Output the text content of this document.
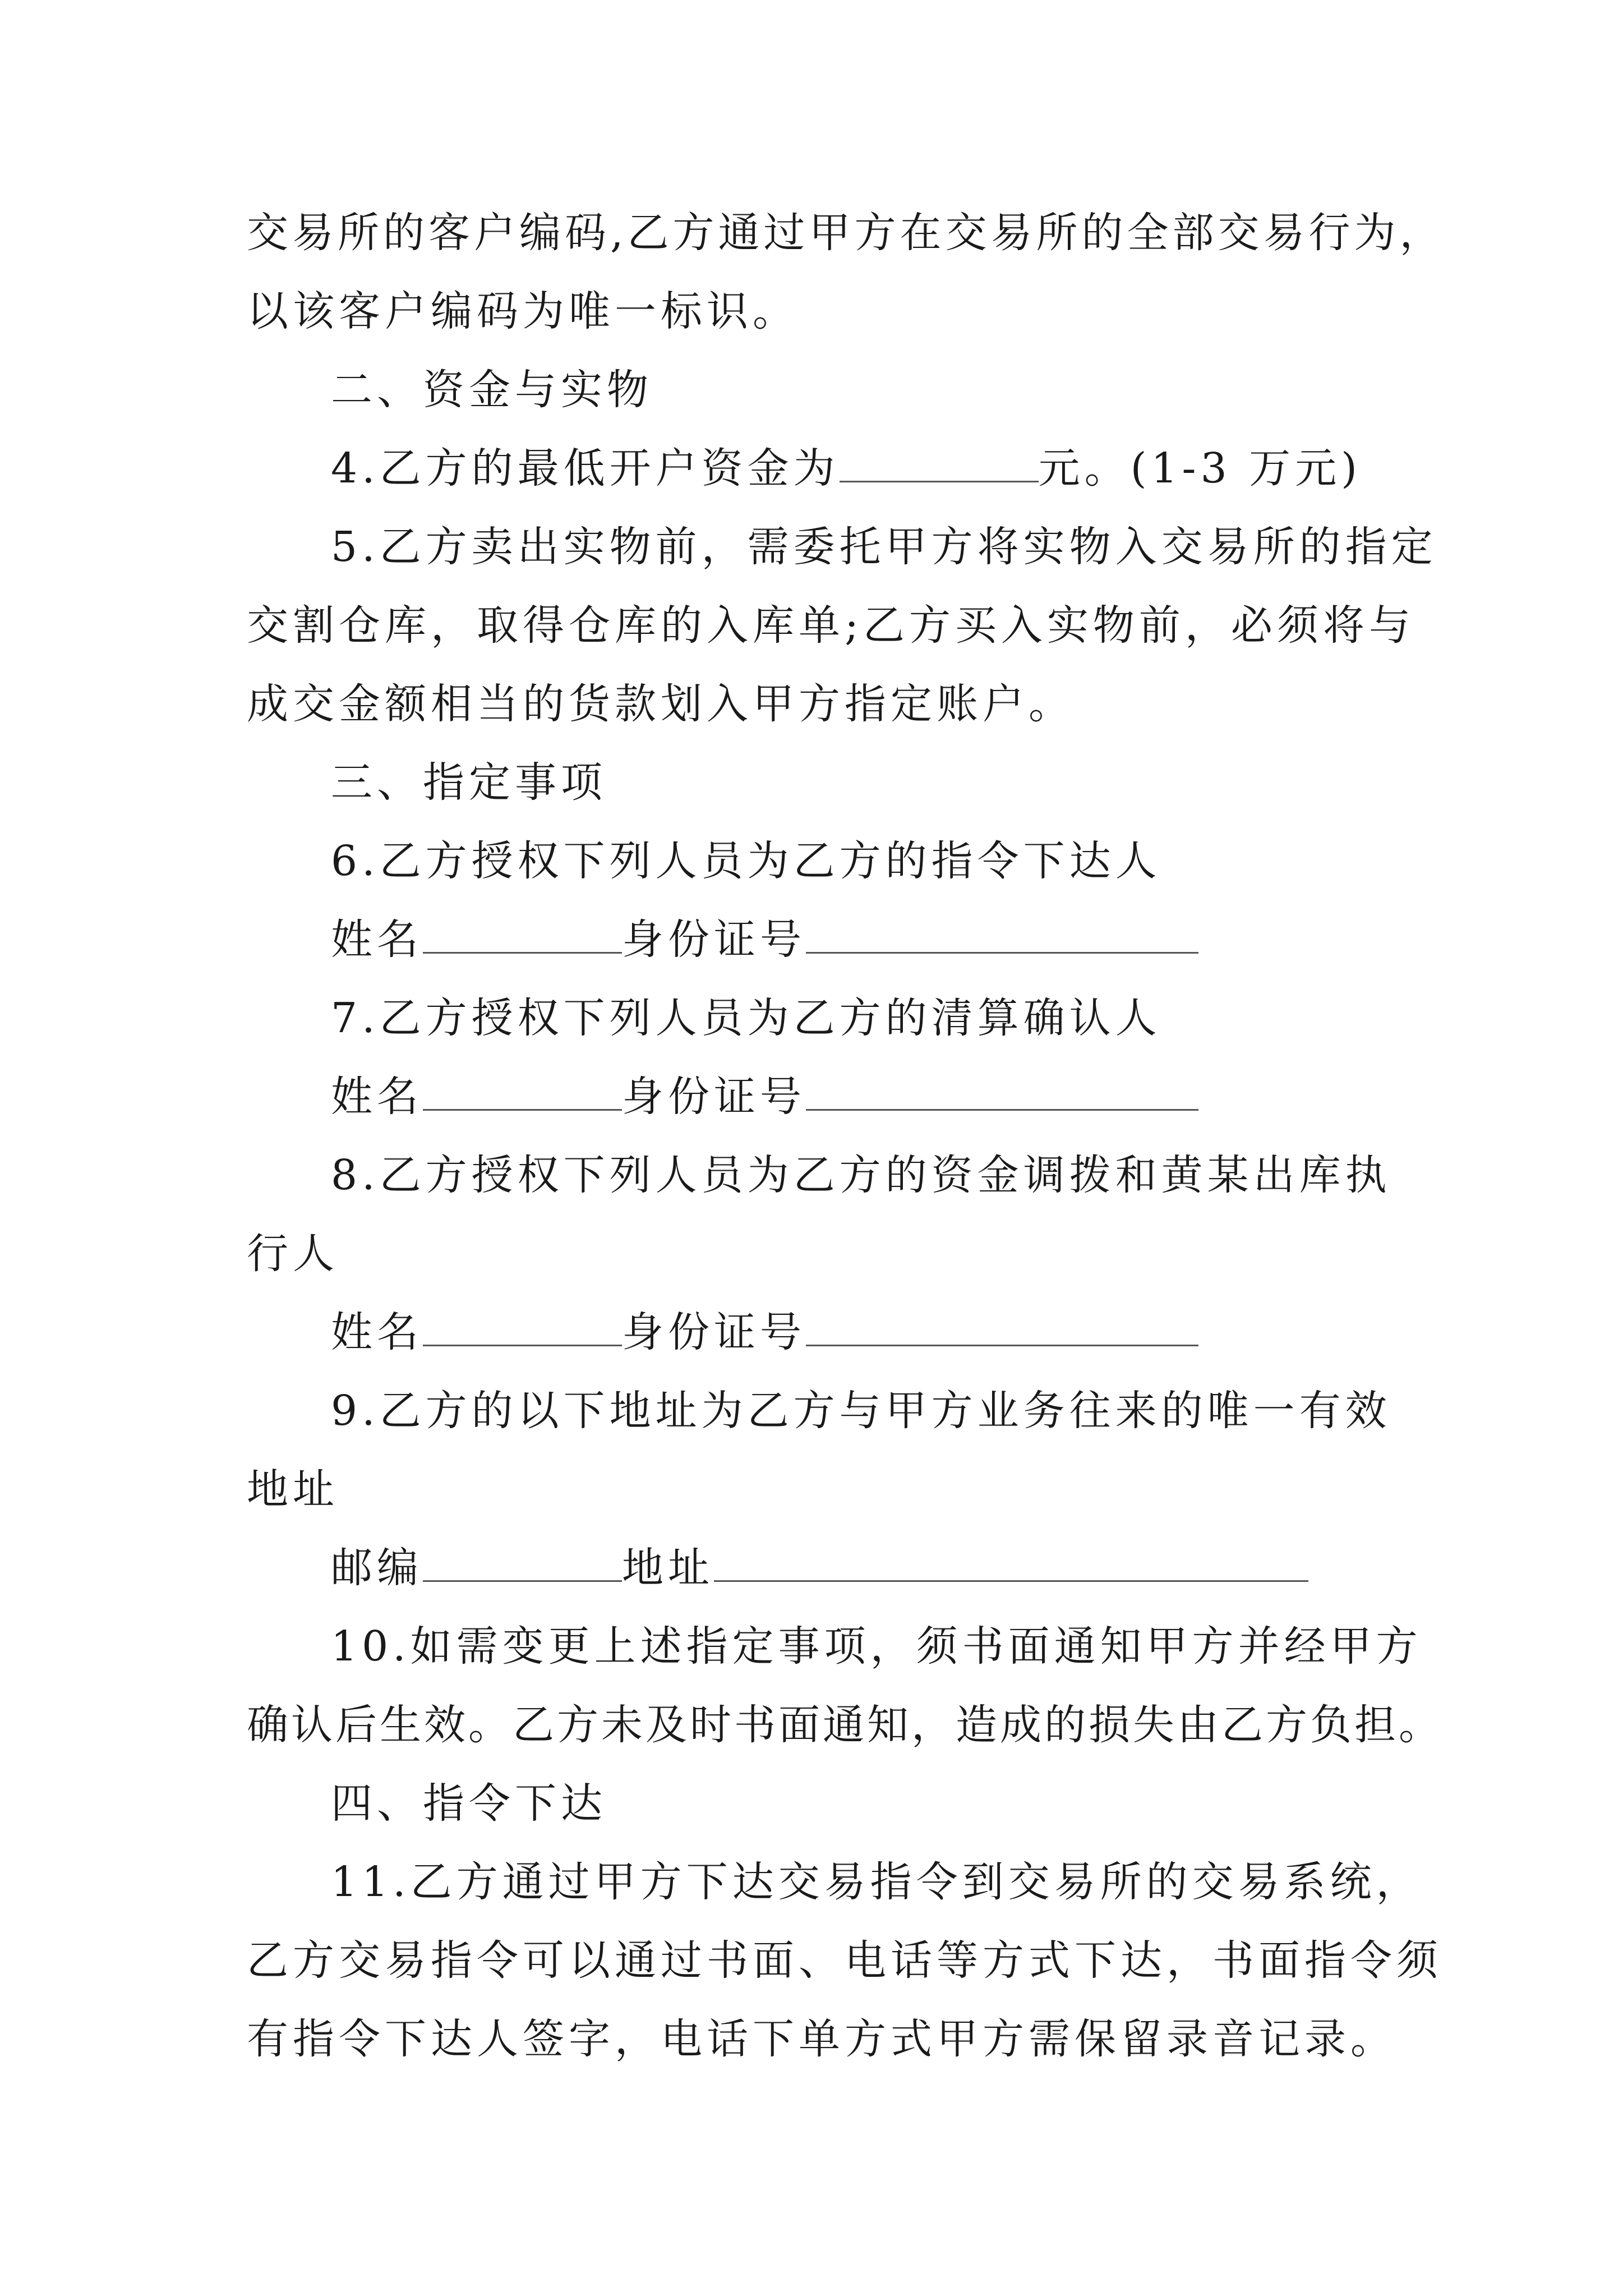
交易所的客户编码,乙方通过甲方在交易所的全部交易行为，
以该客户编码为唯一标识。
二、资金与实物
4.乙方的最低开户资金为	元。(1-3 万元)
5.乙方卖出实物前，需委托甲方将实物入交易所的指定
交割仓库，取得仓库的入库单;乙方买入实物前，必须将与
成交金额相当的货款划入甲方指定账户。
三、指定事项
6.乙方授权下列人员为乙方的指令下达人
姓名	身份证号
7.乙方授权下列人员为乙方的清算确认人
姓名	身份证号
8.乙方授权下列人员为乙方的资金调拨和黄某出库执
行人
姓名	身份证号
9.乙方的以下地址为乙方与甲方业务往来的唯一有效
地址
邮编	地址
10.如需变更上述指定事项，须书面通知甲方并经甲方
确认后生效。乙方未及时书面通知，造成的损失由乙方负担。
四、指令下达
11.乙方通过甲方下达交易指令到交易所的交易系统，
乙方交易指令可以通过书面、电话等方式下达，书面指令须
有指令下达人签字，电话下单方式甲方需保留录音记录。
